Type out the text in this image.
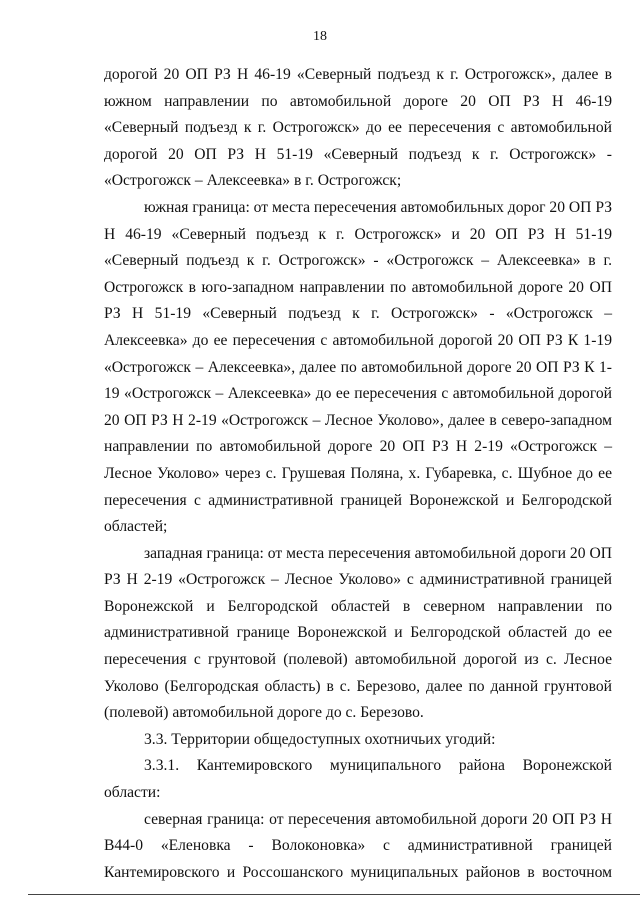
18

дорогой 20 ОП РЗ Н 46-19 «Северный подъезд к г. Острогожск», далее в южном направлении по автомобильной дороге 20 ОП РЗ Н 46-19 «Северный подъезд к г. Острогожск» до ее пересечения с автомобильной дорогой 20 ОП РЗ Н 51-19 «Северный подъезд к г. Острогожск» - «Острогожск – Алексеевка» в г. Острогожск;

южная граница: от места пересечения автомобильных дорог 20 ОП РЗ Н 46-19 «Северный подъезд к г. Острогожск» и 20 ОП РЗ Н 51-19 «Северный подъезд к г. Острогожск» - «Острогожск – Алексеевка» в г. Острогожск в юго-западном направлении по автомобильной дороге 20 ОП РЗ Н 51-19 «Северный подъезд к г. Острогожск» - «Острогожск – Алексеевка» до ее пересечения с автомобильной дорогой 20 ОП РЗ К 1-19 «Острогожск – Алексеевка», далее по автомобильной дороге 20 ОП РЗ К 1-19 «Острогожск – Алексеевка» до ее пересечения с автомобильной дорогой 20 ОП РЗ Н 2-19 «Острогожск – Лесное Уколово», далее в северо-западном направлении по автомобильной дороге 20 ОП РЗ Н 2-19 «Острогожск – Лесное Уколово» через с. Грушевая Поляна, х. Губаревка, с. Шубное до ее пересечения с административной границей Воронежской и Белгородской областей;

западная граница: от места пересечения автомобильной дороги 20 ОП РЗ Н 2-19 «Острогожск – Лесное Уколово» с административной границей Воронежской и Белгородской областей в северном направлении по административной границе Воронежской и Белгородской областей до ее пересечения с грунтовой (полевой) автомобильной дорогой из с. Лесное Уколово (Белгородская область) в с. Березово, далее по данной грунтовой (полевой) автомобильной дороге до с. Березово.

3.3. Территории общедоступных охотничьих угодий:

3.3.1. Кантемировского муниципального района Воронежской области:

северная граница: от пересечения автомобильной дороги 20 ОП РЗ Н В44-0 «Еленовка - Волоконовка» с административной границей Кантемировского и Россошанского муниципальных районов в восточном
